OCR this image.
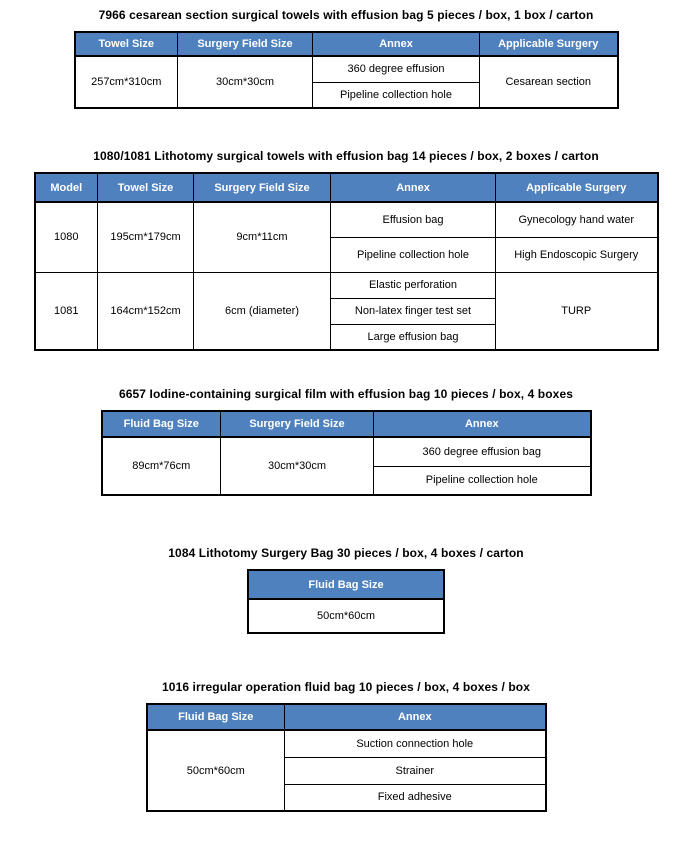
7966 cesarean section surgical towels with effusion bag 5 pieces / box, 1 box / carton
Towel Size	Surgery Field Size	Annex	Applicable Surgery
257cm*310cm	30cm*30cm	360 degree effusion	Cesarean section
		Pipeline collection hole	
1080/1081 Lithotomy surgical towels with effusion bag 14 pieces / box, 2 boxes / carton
Model	Towel Size	Surgery Field Size	Annex	Applicable Surgery
1080	195cm*179cm	9cm*11cm	Effusion bag	Gynecology hand water
			Pipeline collection hole	High Endoscopic Surgery
1081	164cm*152cm	6cm (diameter)	Elastic perforation	TURP
			Non-latex finger test set	
			Large effusion bag	
6657 Iodine-containing surgical film with effusion bag 10 pieces / box, 4 boxes
Fluid Bag Size	Surgery Field Size	Annex
89cm*76cm	30cm*30cm	360 degree effusion bag
		Pipeline collection hole
1084 Lithotomy Surgery Bag 30 pieces / box, 4 boxes / carton
Fluid Bag Size
50cm*60cm
1016 irregular operation fluid bag 10 pieces / box, 4 boxes / box
Fluid Bag Size	Annex
50cm*60cm	Suction connection hole
	Strainer
	Fixed adhesive
